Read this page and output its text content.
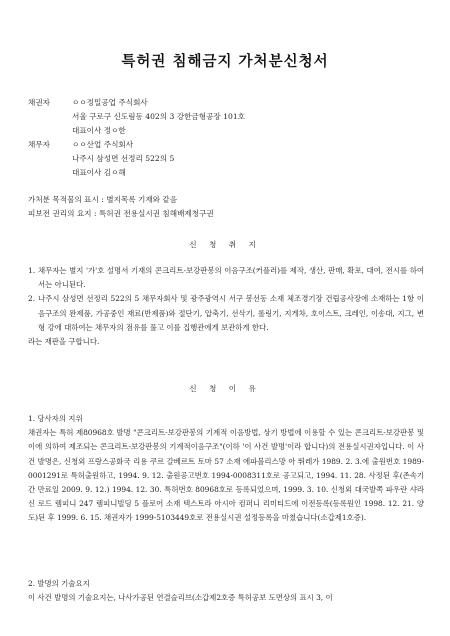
특허권 침해금지 가처분신청서
채권자	ㅇㅇ정밀공업 주식회사
서울 구로구 신도림동 402의 3 강한금형공장 101호
대표이사 정ㅇ한
채무자	ㅇㅇ산업 주식회사
나주시 삼성면 선정리 522의 5
대표이사 김ㅇ해
가처분 목적물의 표시 : 별지목록 기재와 같음
피보전 권리의 요지 : 특허권 전용실시권 침해배제청구권
신 청 취 지
1. 채무자는 별지 '가'호 설명서 기재의 콘크리트-보강판봉의 이음구조(커플러)를 제작, 생산, 판매, 확포, 대여, 전시를 하여서는 아니된다.
2. 나주시 삼성면 선정리 522의 5 채무자회사 및 광주광역시 서구 봉선동 소재 체조경기장 건립공사장에 소재하는 1항 이음구조의 완제품, 가공중인 재료(반제품)와 절단기, 압축기, 선삭기, 롤링기, 지게차, 호이스트, 크레인, 이송대, 지그, 변형 강에 대하여는 채무자의 점유를 풀고 이를 집행관에게 보관하게 한다.
라는 재판을 구합니다.
신 청 이 유
1. 당사자의 지위
채권자는 특허 제80968호 발명 "콘크리트-보강판봉의 기계적 이음방법, 상기 방법에 이용할 수 있는 콘크리트-보강판봉 및 이에 의하여 제조되는 콘크리트-보강판봉의 기계적이음구조"(이하 '이 사건 발명'이라 합니다)의 전용실시권자입니다. 이 사건 발명은, 신청외 프랑스공화국 리용 쿠르 갈베르트 토마 57 소재 에파블리스망 아 뛰레가 1989. 2. 3.에 출원번호 1989-0001291로 특허출원하고, 1994. 9. 12. 출원공고번호 1994-0008311호로 공고되고, 1994. 11. 28. 사정된 후(존속기간 만료일 2009. 9. 12.) 1994. 12. 30. 특허번호 80968호로 등록되었으며, 1999. 3. 10. 신청외 대국발쪽 파우란 샤라신 로드 렘피니 247 렘피니빌딩 5 플로어 소재 텍스트라 아시아 컴퍼니 리미티드에 이전등록(등록원인 1998. 12. 21. 양도)된 후 1999. 6. 15. 채권자가 1999-5103449호로 전용실시권 설정등록을 마쳤습니다(소갑제1호증).
2. 발명의 기술요지
이 사건 발명의 기술요지는, 나사가공된 연결슬리브(소갑제2호증 특허공보 도면상의 표시 3, 이
